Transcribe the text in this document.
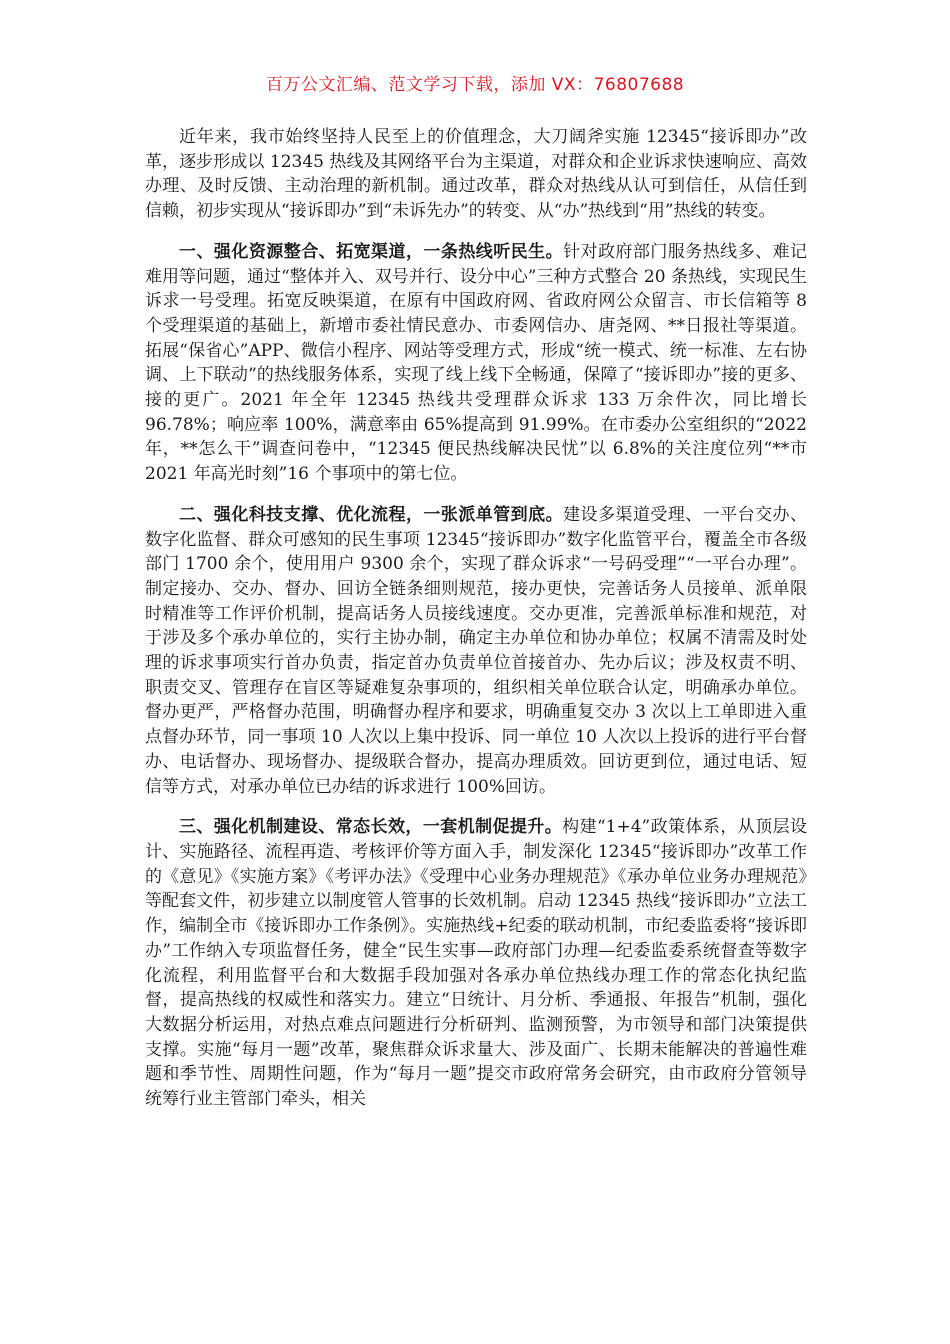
百万公文汇编、范文学习下载，添加 VX：76807688

近年来，我市始终坚持人民至上的价值理念，大刀阔斧实施 12345“接诉即办”改革，逐步形成以 12345 热线及其网络平台为主渠道，对群众和企业诉求快速响应、高效办理、及时反馈、主动治理的新机制。通过改革，群众对热线从认可到信任，从信任到信赖，初步实现从“接诉即办”到“未诉先办”的转变、从“办”热线到“用”热线的转变。

一、强化资源整合、拓宽渠道，一条热线听民生。针对政府部门服务热线多、难记难用等问题，通过“整体并入、双号并行、设分中心”三种方式整合 20 条热线，实现民生诉求一号受理。拓宽反映渠道，在原有中国政府网、省政府网公众留言、市长信箱等 8 个受理渠道的基础上，新增市委社情民意办、市委网信办、唐尧网、**日报社等渠道。拓展“保省心”APP、微信小程序、网站等受理方式，形成“统一模式、统一标准、左右协调、上下联动”的热线服务体系，实现了线上线下全畅通，保障了“接诉即办”接的更多、接的更广。2021 年全年 12345 热线共受理群众诉求 133 万余件次，同比增长 96.78%；响应率 100%，满意率由 65%提高到 91.99%。在市委办公室组织的“2022 年，**怎么干”调查问卷中，“12345 便民热线解决民忧”以 6.8%的关注度位列“**市 2021 年高光时刻”16 个事项中的第七位。

二、强化科技支撑、优化流程，一张派单管到底。建设多渠道受理、一平台交办、数字化监督、群众可感知的民生事项 12345“接诉即办”数字化监管平台，覆盖全市各级部门 1700 余个，使用用户 9300 余个，实现了群众诉求“一号码受理”“一平台办理”。制定接办、交办、督办、回访全链条细则规范，接办更快，完善话务人员接单、派单限时精准等工作评价机制，提高话务人员接线速度。交办更准，完善派单标准和规范，对于涉及多个承办单位的，实行主协办制，确定主办单位和协办单位；权属不清需及时处理的诉求事项实行首办负责，指定首办负责单位首接首办、先办后议；涉及权责不明、职责交叉、管理存在盲区等疑难复杂事项的，组织相关单位联合认定，明确承办单位。督办更严，严格督办范围，明确督办程序和要求，明确重复交办 3 次以上工单即进入重点督办环节，同一事项 10 人次以上集中投诉、同一单位 10 人次以上投诉的进行平台督办、电话督办、现场督办、提级联合督办，提高办理质效。回访更到位，通过电话、短信等方式，对承办单位已办结的诉求进行 100%回访。

三、强化机制建设、常态长效，一套机制促提升。构建“1+4”政策体系，从顶层设计、实施路径、流程再造、考核评价等方面入手，制发深化 12345“接诉即办”改革工作的《意见》《实施方案》《考评办法》《受理中心业务办理规范》《承办单位业务办理规范》等配套文件，初步建立以制度管人管事的长效机制。启动 12345 热线“接诉即办”立法工作，编制全市《接诉即办工作条例》。实施热线+纪委的联动机制，市纪委监委将“接诉即办”工作纳入专项监督任务，健全“民生实事—政府部门办理—纪委监委系统督查等数字化流程，利用监督平台和大数据手段加强对各承办单位热线办理工作的常态化执纪监督，提高热线的权威性和落实力。建立“日统计、月分析、季通报、年报告”机制，强化大数据分析运用，对热点难点问题进行分析研判、监测预警，为市领导和部门决策提供支撑。实施“每月一题”改革，聚焦群众诉求量大、涉及面广、长期未能解决的普遍性难题和季节性、周期性问题，作为“每月一题”提交市政府常务会研究，由市政府分管领导统筹行业主管部门牵头，相关
